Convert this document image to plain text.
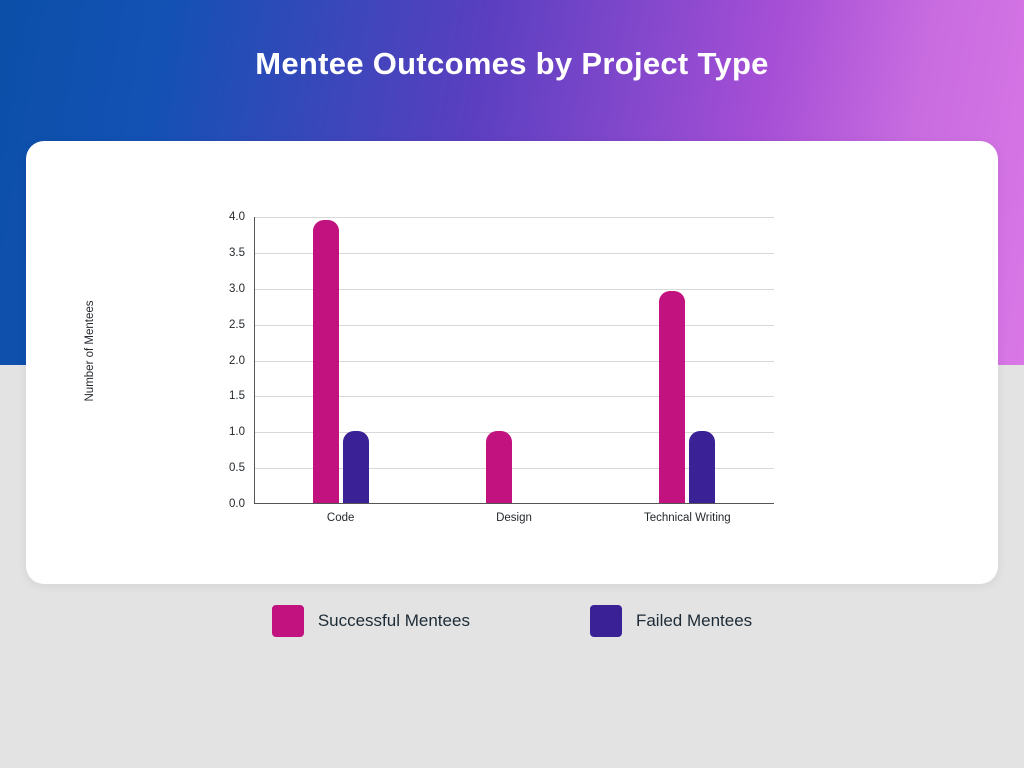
Mentee Outcomes by Project Type
Number of Mentees
0.0
0.5
1.0
1.5
2.0
2.5
3.0
3.5
4.0
Code	Design	Technical Writing
Successful Mentees	Failed Mentees
